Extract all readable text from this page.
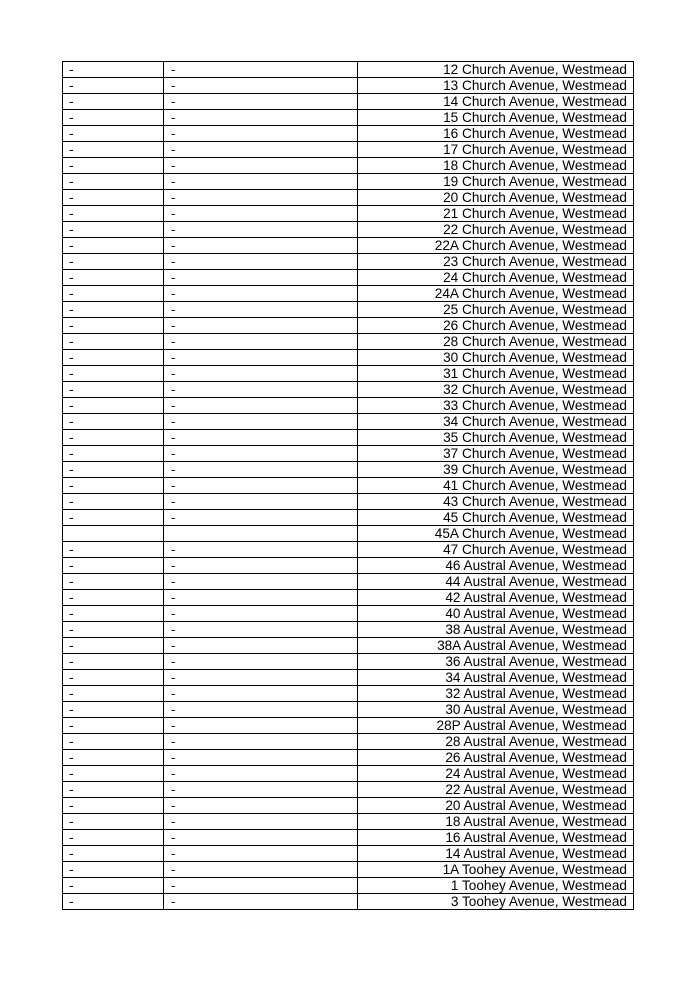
-	-	12 Church Avenue, Westmead
-	-	13 Church Avenue, Westmead
-	-	14 Church Avenue, Westmead
-	-	15 Church Avenue, Westmead
-	-	16 Church Avenue, Westmead
-	-	17 Church Avenue, Westmead
-	-	18 Church Avenue, Westmead
-	-	19 Church Avenue, Westmead
-	-	20 Church Avenue, Westmead
-	-	21 Church Avenue, Westmead
-	-	22 Church Avenue, Westmead
-	-	22A Church Avenue, Westmead
-	-	23 Church Avenue, Westmead
-	-	24 Church Avenue, Westmead
-	-	24A Church Avenue, Westmead
-	-	25 Church Avenue, Westmead
-	-	26 Church Avenue, Westmead
-	-	28 Church Avenue, Westmead
-	-	30 Church Avenue, Westmead
-	-	31 Church Avenue, Westmead
-	-	32 Church Avenue, Westmead
-	-	33 Church Avenue, Westmead
-	-	34 Church Avenue, Westmead
-	-	35 Church Avenue, Westmead
-	-	37 Church Avenue, Westmead
-	-	39 Church Avenue, Westmead
-	-	41 Church Avenue, Westmead
-	-	43 Church Avenue, Westmead
-	-	45 Church Avenue, Westmead
		45A Church Avenue, Westmead
-	-	47 Church Avenue, Westmead
-	-	46 Austral Avenue, Westmead
-	-	44 Austral Avenue, Westmead
-	-	42 Austral Avenue, Westmead
-	-	40 Austral Avenue, Westmead
-	-	38 Austral Avenue, Westmead
-	-	38A Austral Avenue, Westmead
-	-	36 Austral Avenue, Westmead
-	-	34 Austral Avenue, Westmead
-	-	32 Austral Avenue, Westmead
-	-	30 Austral Avenue, Westmead
-	-	28P Austral Avenue, Westmead
-	-	28 Austral Avenue, Westmead
-	-	26 Austral Avenue, Westmead
-	-	24 Austral Avenue, Westmead
-	-	22 Austral Avenue, Westmead
-	-	20 Austral Avenue, Westmead
-	-	18 Austral Avenue, Westmead
-	-	16 Austral Avenue, Westmead
-	-	14 Austral Avenue, Westmead
-	-	1A Toohey Avenue, Westmead
-	-	1 Toohey Avenue, Westmead
-	-	3 Toohey Avenue, Westmead
